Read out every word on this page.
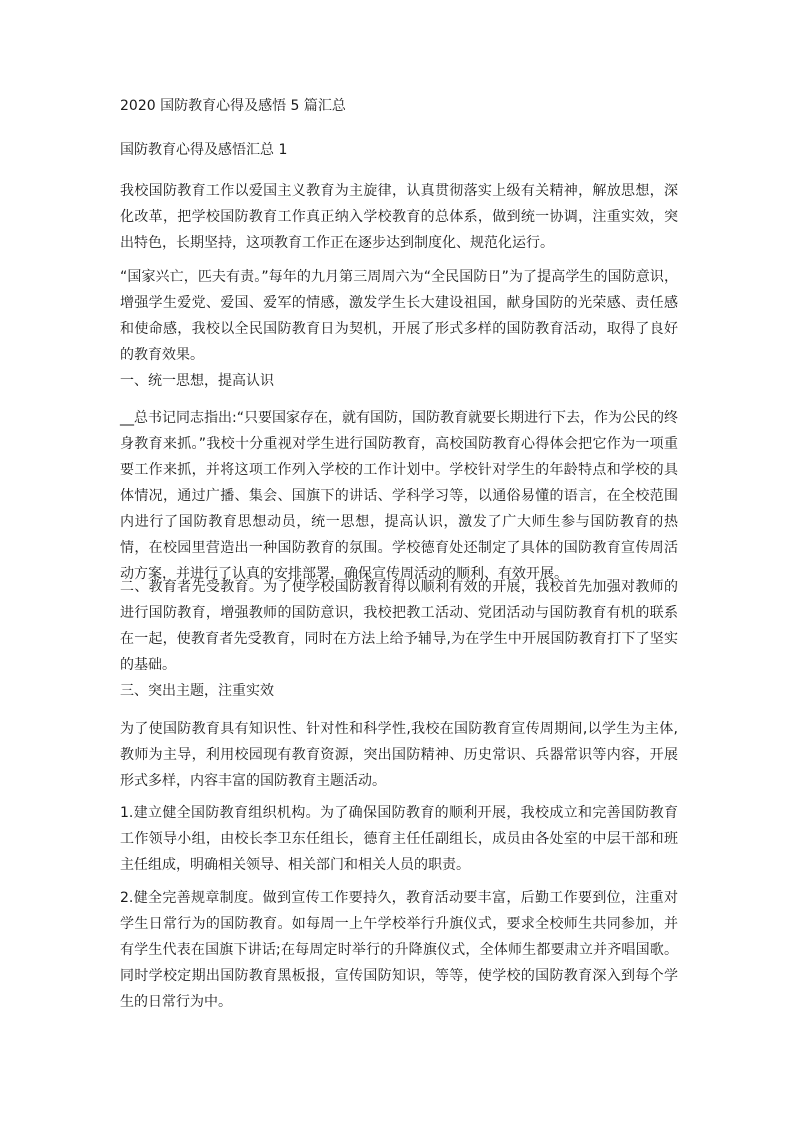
2020 国防教育心得及感悟 5 篇汇总
国防教育心得及感悟汇总 1
我校国防教育工作以爱国主义教育为主旋律，认真贯彻落实上级有关精神，解放思想，深化改革，把学校国防教育工作真正纳入学校教育的总体系，做到统一协调，注重实效，突出特色，长期坚持，这项教育工作正在逐步达到制度化、规范化运行。
“国家兴亡，匹夫有责。”每年的九月第三周周六为“全民国防日”为了提高学生的国防意识，增强学生爱党、爱国、爱军的情感，激发学生长大建设祖国，献身国防的光荣感、责任感和使命感，我校以全民国防教育日为契机，开展了形式多样的国防教育活动，取得了良好的教育效果。
一、统一思想，提高认识
__总书记同志指出:“只要国家存在，就有国防，国防教育就要长期进行下去，作为公民的终身教育来抓。”我校十分重视对学生进行国防教育，高校国防教育心得体会把它作为一项重要工作来抓，并将这项工作列入学校的工作计划中。学校针对学生的年龄特点和学校的具体情况，通过广播、集会、国旗下的讲话、学科学习等，以通俗易懂的语言，在全校范围内进行了国防教育思想动员，统一思想，提高认识，激发了广大师生参与国防教育的热情，在校园里营造出一种国防教育的氛围。学校德育处还制定了具体的国防教育宣传周活动方案，并进行了认真的安排部署，确保宣传周活动的顺利、有效开展。
二、教育者先受教育。为了使学校国防教育得以顺利有效的开展，我校首先加强对教师的进行国防教育，增强教师的国防意识，我校把教工活动、党团活动与国防教育有机的联系在一起，使教育者先受教育，同时在方法上给予辅导,为在学生中开展国防教育打下了坚实的基础。
三、突出主题，注重实效
为了使国防教育具有知识性、针对性和科学性,我校在国防教育宣传周期间,以学生为主体,教师为主导，利用校园现有教育资源，突出国防精神、历史常识、兵器常识等内容，开展形式多样，内容丰富的国防教育主题活动。
1.建立健全国防教育组织机构。为了确保国防教育的顺利开展，我校成立和完善国防教育工作领导小组，由校长李卫东任组长，德育主任任副组长，成员由各处室的中层干部和班主任组成，明确相关领导、相关部门和相关人员的职责。
2.健全完善规章制度。做到宣传工作要持久，教育活动要丰富，后勤工作要到位，注重对学生日常行为的国防教育。如每周一上午学校举行升旗仪式，要求全校师生共同参加，并有学生代表在国旗下讲话;在每周定时举行的升降旗仪式，全体师生都要肃立并齐唱国歌。同时学校定期出国防教育黑板报，宣传国防知识，等等，使学校的国防教育深入到每个学生的日常行为中。
